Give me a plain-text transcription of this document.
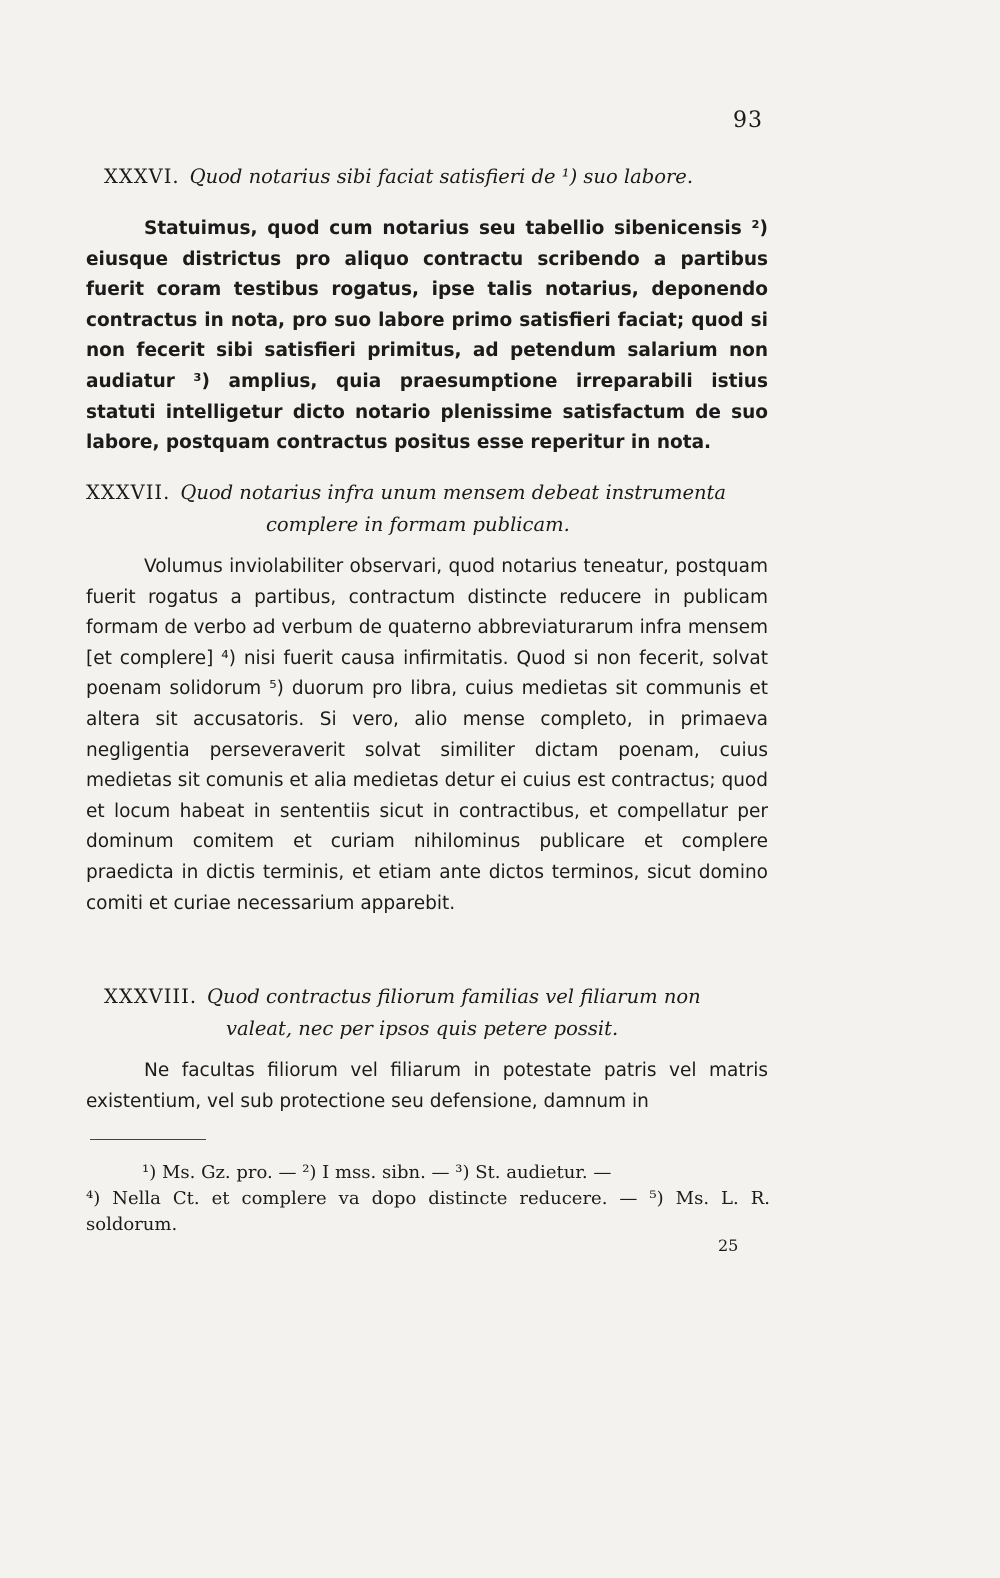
93
XXXVI. Quod notarius sibi faciat satisfieri de ¹) suo labore.

Statuimus, quod cum notarius seu tabellio sibenicensis ²) eiusque districtus pro aliquo contractu scribendo a partibus fuerit coram testibus rogatus, ipse talis notarius, deponendo contractus in nota, pro suo labore primo satisfieri faciat; quod si non fecerit sibi satisfieri primitus, ad petendum salarium non audiatur ³) amplius, quia praesumptione irreparabili istius statuti intelligetur dicto notario plenissime satisfactum de suo labore, postquam contractus positus esse reperitur in nota.

XXXVII. Quod notarius infra unum mensem debeat instrumenta
complere in formam publicam.

Volumus inviolabiliter observari, quod notarius teneatur, postquam fuerit rogatus a partibus, contractum distincte reducere in publicam formam de verbo ad verbum de quaterno abbreviaturarum infra mensem [et complere] ⁴) nisi fuerit causa infirmitatis. Quod si non fecerit, solvat poenam solidorum ⁵) duorum pro libra, cuius medietas sit communis et altera sit accusatoris. Si vero, alio mense completo, in primaeva negligentia perseveraverit solvat similiter dictam poenam, cuius medietas sit comunis et alia medietas detur ei cuius est contractus; quod et locum habeat in sententiis sicut in contractibus, et compellatur per dominum comitem et curiam nihilominus publicare et complere praedicta in dictis terminis, et etiam ante dictos terminos, sicut domino comiti et curiae necessarium apparebit.

XXXVIII. Quod contractus filiorum familias vel filiarum non
valeat, nec per ipsos quis petere possit.

Ne facultas filiorum vel filiarum in potestate patris vel matris existentium, vel sub protectione seu defensione, damnum in

¹) Ms. Gz. pro. — ²) I mss. sibn. — ³) St. audietur. —

⁴) Nella Ct. et complere va dopo distincte reducere. — ⁵) Ms. L. R. soldorum.

25
